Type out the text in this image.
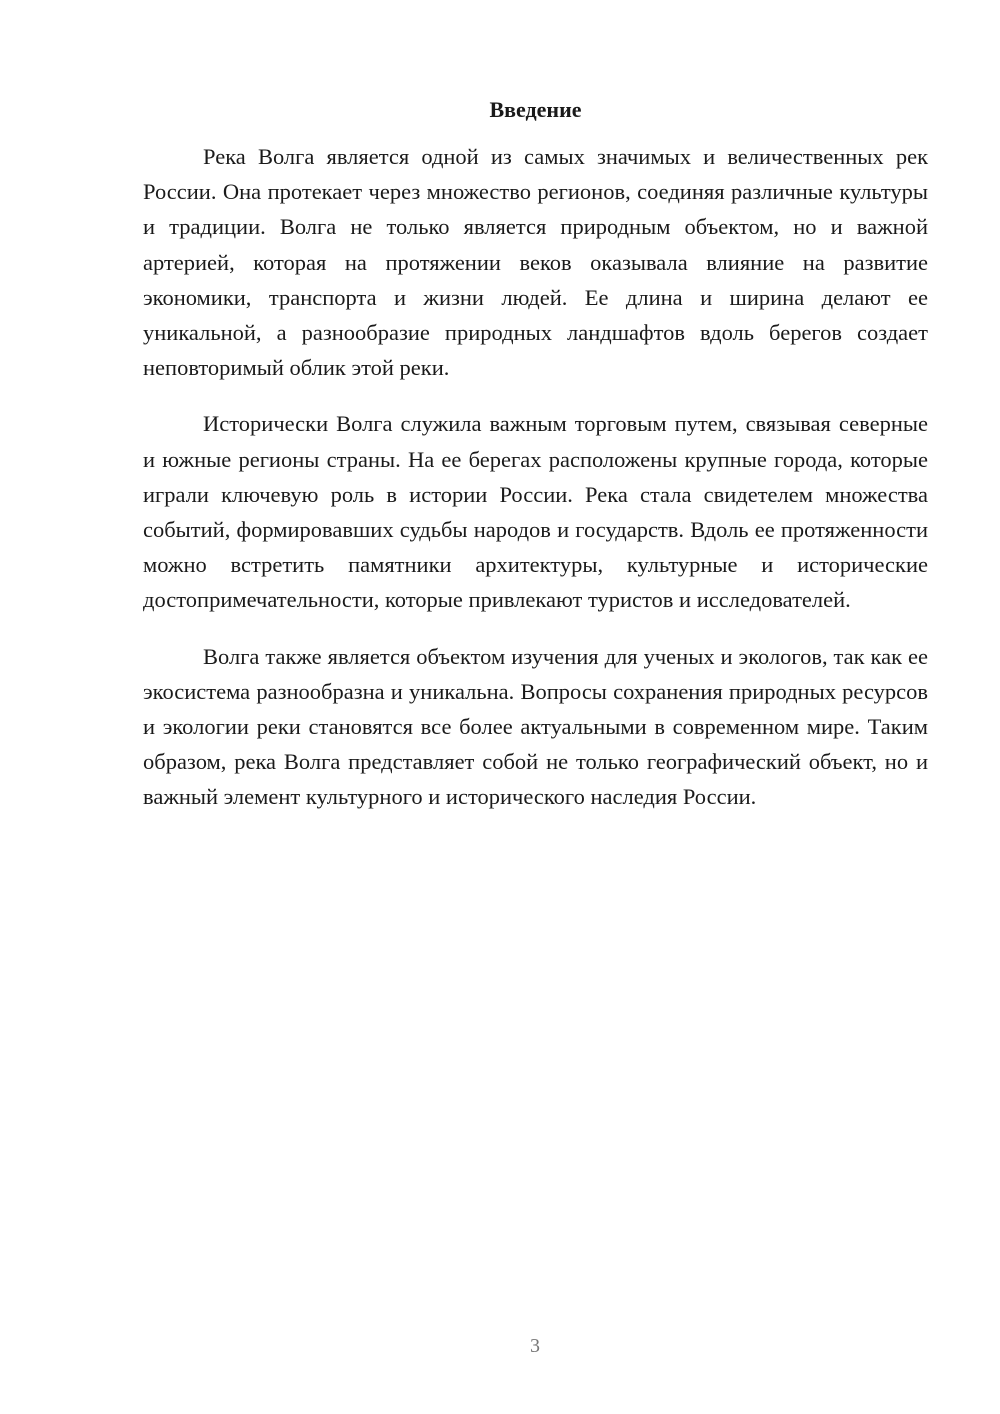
Введение

Река Волга является одной из самых значимых и величественных рек России. Она протекает через множество регионов, соединяя различные культуры и традиции. Волга не только является природным объектом, но и важной артерией, которая на протяжении веков оказывала влияние на развитие экономики, транспорта и жизни людей. Ее длина и ширина делают ее уникальной, а разнообразие природных ландшафтов вдоль берегов создает неповторимый облик этой реки.

Исторически Волга служила важным торговым путем, связывая северные и южные регионы страны. На ее берегах расположены крупные города, которые играли ключевую роль в истории России. Река стала свидетелем множества событий, формировавших судьбы народов и государств. Вдоль ее протяженности можно встретить памятники архитектуры, культурные и исторические достопримечательности, которые привлекают туристов и исследователей.

Волга также является объектом изучения для ученых и экологов, так как ее экосистема разнообразна и уникальна. Вопросы сохранения природных ресурсов и экологии реки становятся все более актуальными в современном мире. Таким образом, река Волга представляет собой не только географический объект, но и важный элемент культурного и исторического наследия России.

3
